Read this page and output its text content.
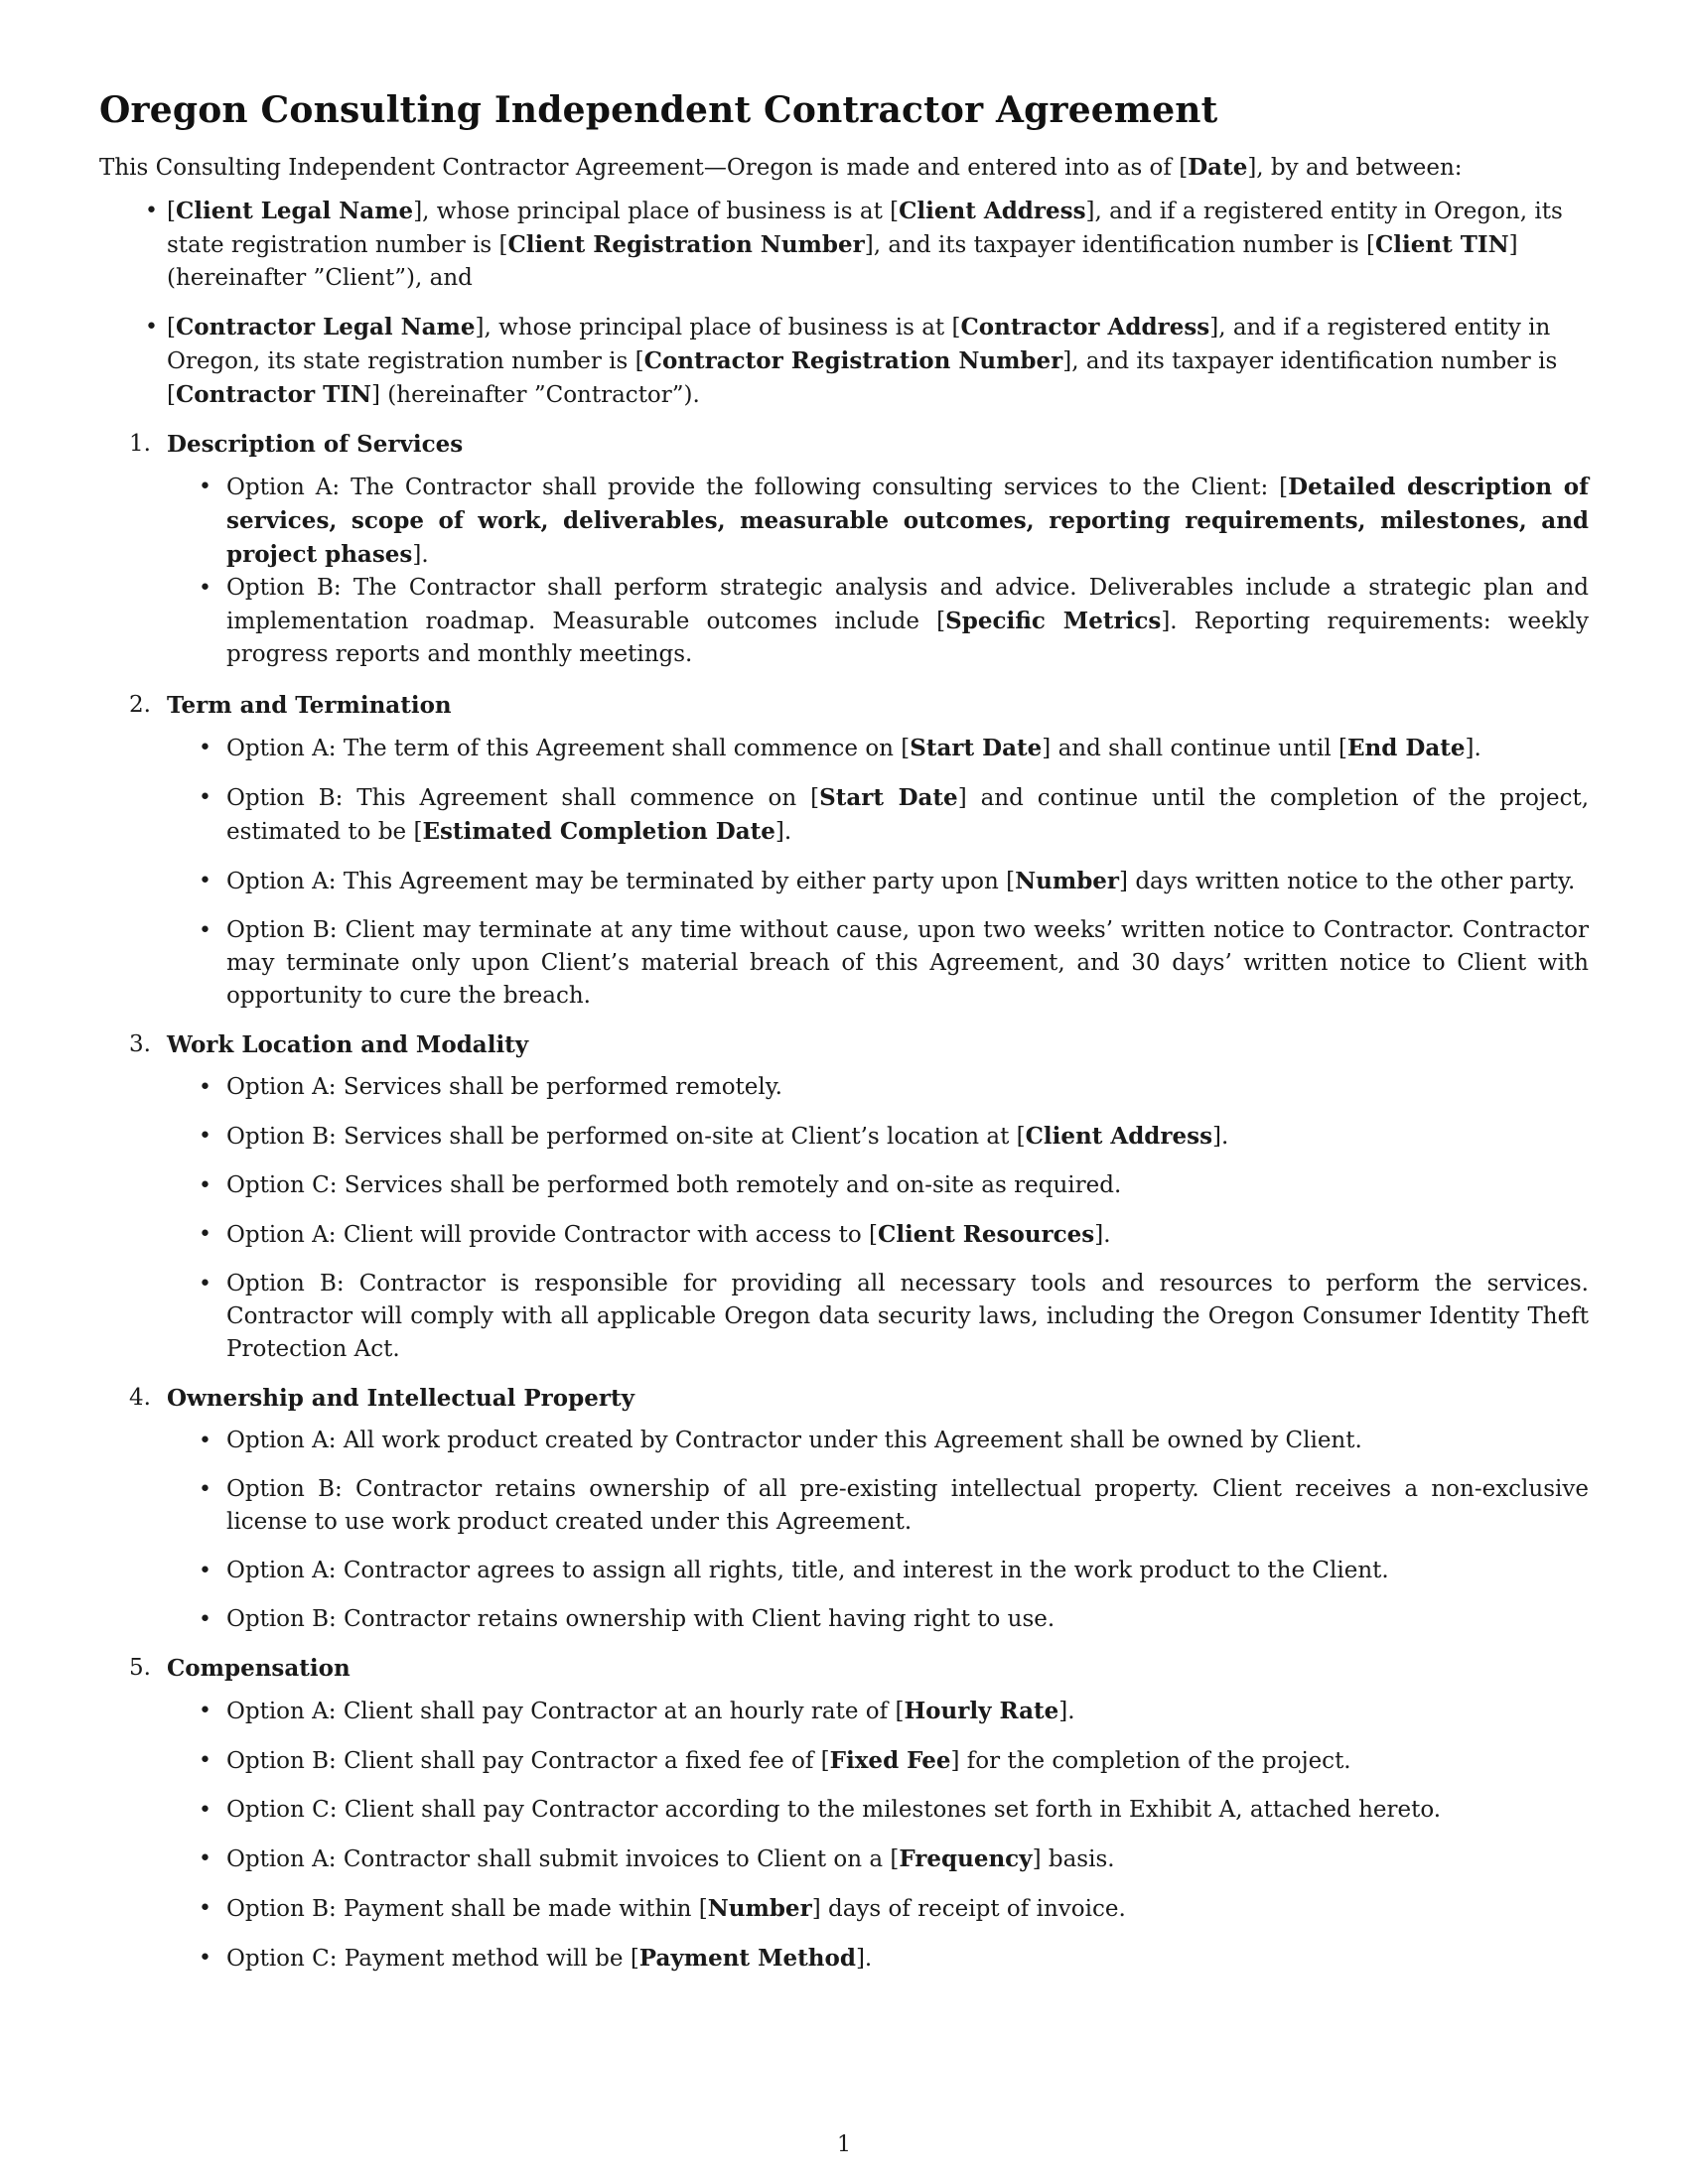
Oregon Consulting Independent Contractor Agreement

This Consulting Independent Contractor Agreement—Oregon is made and entered into as of [Date], by and between:

• [Client Legal Name], whose principal place of business is at [Client Address], and if a registered entity in Oregon, its state registration number is [Client Registration Number], and its taxpayer identification number is [Client TIN] (hereinafter ”Client”), and
• [Contractor Legal Name], whose principal place of business is at [Contractor Address], and if a registered entity in Oregon, its state registration number is [Contractor Registration Number], and its taxpayer identification number is [Contractor TIN] (hereinafter ”Contractor”).
1. Description of Services
• Option A: The Contractor shall provide the following consulting services to the Client: [Detailed description of services, scope of work, deliverables, measurable outcomes, reporting requirements, milestones, and project phases].
• Option B: The Contractor shall perform strategic analysis and advice. Deliverables include a strategic plan and implementation roadmap. Measurable outcomes include [Specific Metrics]. Reporting requirements: weekly progress reports and monthly meetings.
2. Term and Termination
• Option A: The term of this Agreement shall commence on [Start Date] and shall continue until [End Date].
• Option B: This Agreement shall commence on [Start Date] and continue until the completion of the project, estimated to be [Estimated Completion Date].
• Option A: This Agreement may be terminated by either party upon [Number] days written notice to the other party.
• Option B: Client may terminate at any time without cause, upon two weeks’ written notice to Contractor. Contractor may terminate only upon Client’s material breach of this Agreement, and 30 days’ written notice to Client with opportunity to cure the breach.
3. Work Location and Modality
• Option A: Services shall be performed remotely.
• Option B: Services shall be performed on-site at Client’s location at [Client Address].
• Option C: Services shall be performed both remotely and on-site as required.
• Option A: Client will provide Contractor with access to [Client Resources].
• Option B: Contractor is responsible for providing all necessary tools and resources to perform the services. Contractor will comply with all applicable Oregon data security laws, including the Oregon Consumer Identity Theft Protection Act.
4. Ownership and Intellectual Property
• Option A: All work product created by Contractor under this Agreement shall be owned by Client.
• Option B: Contractor retains ownership of all pre-existing intellectual property. Client receives a non-exclusive license to use work product created under this Agreement.
• Option A: Contractor agrees to assign all rights, title, and interest in the work product to the Client.
• Option B: Contractor retains ownership with Client having right to use.
5. Compensation
• Option A: Client shall pay Contractor at an hourly rate of [Hourly Rate].
• Option B: Client shall pay Contractor a fixed fee of [Fixed Fee] for the completion of the project.
• Option C: Client shall pay Contractor according to the milestones set forth in Exhibit A, attached hereto.
• Option A: Contractor shall submit invoices to Client on a [Frequency] basis.
• Option B: Payment shall be made within [Number] days of receipt of invoice.
• Option C: Payment method will be [Payment Method].
1
